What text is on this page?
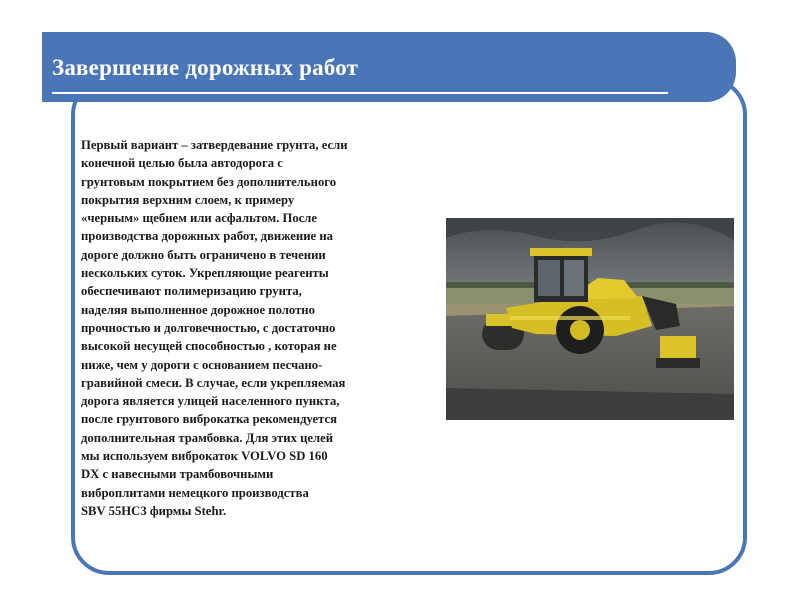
Завершение дорожных работ

Первый вариант – затвердевание грунта, если
конечной целью была автодорога с
грунтовым покрытием без дополнительного
покрытия верхним слоем, к примеру
«черным» щебнем или асфальтом. После
производства дорожных работ, движение на
дороге должно быть ограничено в течении
нескольких суток. Укрепляющие реагенты
обеспечивают полимеризацию грунта,
наделяя выполненное дорожное полотно
прочностью и долговечностью, с достаточно
высокой несущей способностью , которая не
ниже, чем у дороги с основанием песчано-
гравийной смеси. В случае, если укрепляемая
дорога является улицей населенного пункта,
после грунтового виброкатка рекомендуется
дополнительная трамбовка. Для этих целей
мы используем виброкаток VOLVO SD 160
DX с навесными трамбовочными
виброплитами немецкого производства
SBV 55HC3 фирмы Stehr.
